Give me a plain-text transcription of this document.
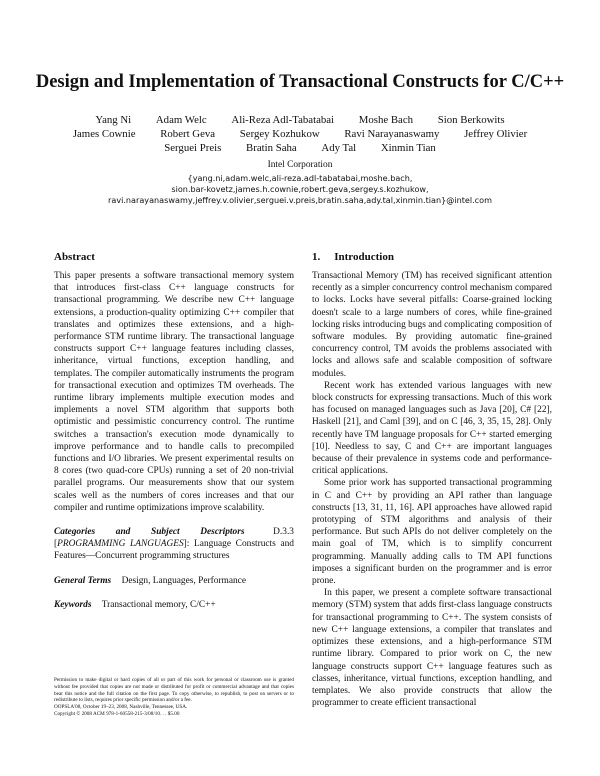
Design and Implementation of Transactional Constructs for C/C++
Yang Ni Adam Welc Ali-Reza Adl-Tabatabai Moshe Bach Sion Berkowits
James Cownie Robert Geva Sergey Kozhukow Ravi Narayanaswamy Jeffrey Olivier
Serguei Preis Bratin Saha Ady Tal Xinmin Tian
Intel Corporation
{yang.ni,adam.welc,ali-reza.adl-tabatabai,moshe.bach,
sion.bar-kovetz,james.h.cownie,robert.geva,sergey.s.kozhukow,
ravi.narayanaswamy,jeffrey.v.olivier,serguei.v.preis,bratin.saha,ady.tal,xinmin.tian}@intel.com
Abstract

This paper presents a software transactional memory system that introduces first-class C++ language constructs for transactional programming. We describe new C++ language extensions, a production-quality optimizing C++ compiler that translates and optimizes these extensions, and a high-performance STM runtime library. The transactional language constructs support C++ language features including classes, inheritance, virtual functions, exception handling, and templates. The compiler automatically instruments the program for transactional execution and optimizes TM overheads. The runtime library implements multiple execution modes and implements a novel STM algorithm that supports both optimistic and pessimistic concurrency control. The runtime switches a transaction's execution mode dynamically to improve performance and to handle calls to precompiled functions and I/O libraries. We present experimental results on 8 cores (two quad-core CPUs) running a set of 20 non-trivial parallel programs. Our measurements show that our system scales well as the numbers of cores increases and that our compiler and runtime optimizations improve scalability.

Categories and Subject Descriptors	D.3.3 [PROGRAMMING LANGUAGES]: Language Constructs and Features—Concurrent programming structures

General Terms Design, Languages, Performance

Keywords Transactional memory, C/C++

Permission to make digital or hard copies of all or part of this work for personal or classroom use is granted without fee provided that copies are not made or distributed for profit or commercial advantage and that copies bear this notice and the full citation on the first page. To copy otherwise, to republish, to post on servers or to redistribute to lists, requires prior specific permission and/or a fee.

OOPSLA'08, October 19–23, 2008, Nashville, Tennessee, USA.

Copyright © 2008 ACM 978-1-60558-215-3/08/10. . . $5.00

1. Introduction

Transactional Memory (TM) has received significant attention recently as a simpler concurrency control mechanism compared to locks. Locks have several pitfalls: Coarse-grained locking doesn't scale to a large numbers of cores, while fine-grained locking risks introducing bugs and complicating composition of software modules. By providing automatic fine-grained concurrency control, TM avoids the problems associated with locks and allows safe and scalable composition of software modules.

Recent work has extended various languages with new block constructs for expressing transactions. Much of this work has focused on managed languages such as Java [20], C# [22], Haskell [21], and Caml [39], and on C [46, 3, 35, 15, 28]. Only recently have TM language proposals for C++ started emerging [10]. Needless to say, C and C++ are important languages because of their prevalence in systems code and performance-critical applications.

Some prior work has supported transactional programming in C and C++ by providing an API rather than language constructs [13, 31, 11, 16]. API approaches have allowed rapid prototyping of STM algorithms and analysis of their performance. But such APIs do not deliver completely on the main goal of TM, which is to simplify concurrent programming. Manually adding calls to TM API functions imposes a significant burden on the programmer and is error prone.

In this paper, we present a complete software transactional memory (STM) system that adds first-class language constructs for transactional programming to C++. The system consists of new C++ language extensions, a compiler that translates and optimizes these extensions, and a high-performance STM runtime library. Compared to prior work on C, the new language constructs support C++ language features such as classes, inheritance, virtual functions, exception handling, and templates. We also provide constructs that allow the programmer to create efficient transactional
